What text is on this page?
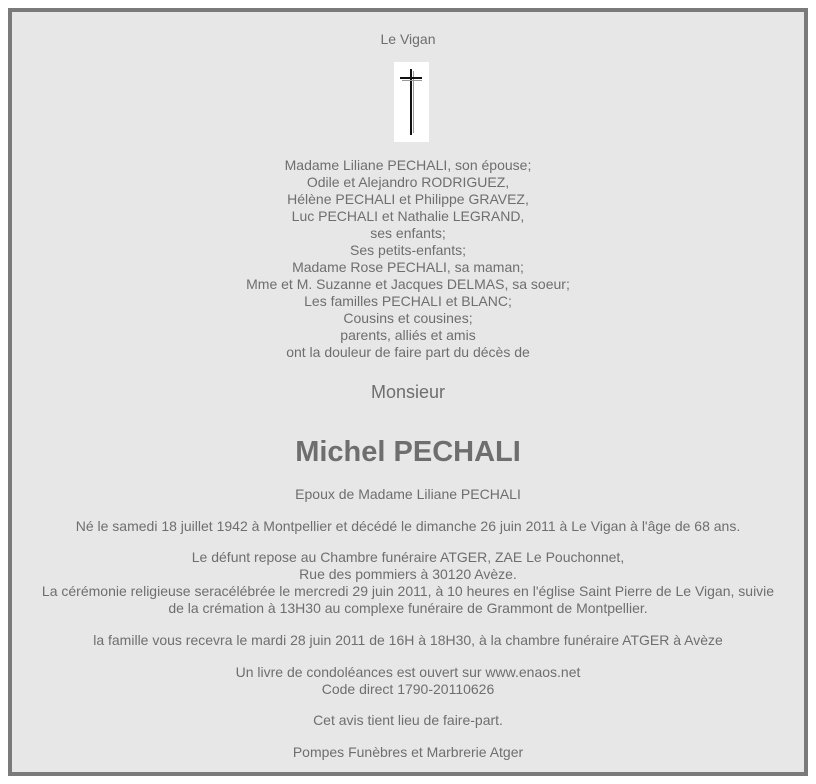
Le Vigan
Madame Liliane PECHALI, son épouse;
Odile et Alejandro RODRIGUEZ,
Hélène PECHALI et Philippe GRAVEZ,
Luc PECHALI et Nathalie LEGRAND,
ses enfants;
Ses petits-enfants;
Madame Rose PECHALI, sa maman;
Mme et M. Suzanne et Jacques DELMAS, sa soeur;
Les familles PECHALI et BLANC;
Cousins et cousines;
parents, alliés et amis
ont la douleur de faire part du décès de
Monsieur
Michel PECHALI
Epoux de Madame Liliane PECHALI
Né le samedi 18 juillet 1942 à Montpellier et décédé le dimanche 26 juin 2011 à Le Vigan à l'âge de 68 ans.
Le défunt repose au Chambre funéraire ATGER, ZAE Le Pouchonnet,
Rue des pommiers à 30120 Avèze.
La cérémonie religieuse seracélébrée le mercredi 29 juin 2011, à 10 heures en l'église Saint Pierre de Le Vigan, suivie
de la crémation à 13H30 au complexe funéraire de Grammont de Montpellier.
la famille vous recevra le mardi 28 juin 2011 de 16H à 18H30, à la chambre funéraire ATGER à Avèze
Un livre de condoléances est ouvert sur www.enaos.net
Code direct 1790-20110626
Cet avis tient lieu de faire-part.
Pompes Funèbres et Marbrerie Atger
